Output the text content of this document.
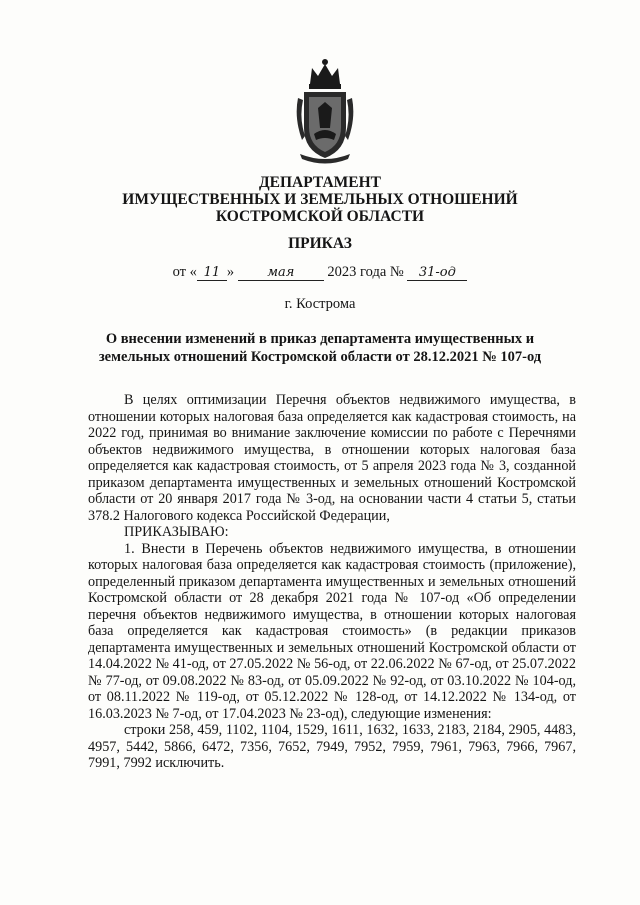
ДЕПАРТАМЕНТ
ИМУЩЕСТВЕННЫХ И ЗЕМЕЛЬНЫХ ОТНОШЕНИЙ
КОСТРОМСКОЙ ОБЛАСТИ
ПРИКАЗ
от « 11 »	мая 2023 года № 31-од
г. Кострома
О внесении изменений в приказ департамента имущественных и
земельных отношений Костромской области от 28.12.2021 № 107-од

В целях оптимизации Перечня объектов недвижимого имущества, в отношении которых налоговая база определяется как кадастровая стоимость, на 2022 год, принимая во внимание заключение комиссии по работе с Перечнями объектов недвижимого имущества, в отношении которых налоговая база определяется как кадастровая стоимость, от 5 апреля 2023 года № 3, созданной приказом департамента имущественных и земельных отношений Костромской области от 20 января 2017 года № 3-од, на основании части 4 статьи 5, статьи 378.2 Налогового кодекса Российской Федерации,

ПРИКАЗЫВАЮ:

1. Внести в Перечень объектов недвижимого имущества, в отношении которых налоговая база определяется как кадастровая стоимость (приложение), определенный приказом департамента имущественных и земельных отношений Костромской области от 28 декабря 2021 года № 107-од «Об определении перечня объектов недвижимого имущества, в отношении которых налоговая база определяется как кадастровая стоимость» (в редакции приказов департамента имущественных и земельных отношений Костромской области от 14.04.2022 № 41-од, от 27.05.2022 № 56-од, от 22.06.2022 № 67-од, от 25.07.2022 № 77-од, от 09.08.2022 № 83-од, от 05.09.2022 № 92-од, от 03.10.2022 № 104-од, от 08.11.2022 № 119-од, от 05.12.2022 № 128-од, от 14.12.2022 № 134-од, от 16.03.2023 № 7-од, от 17.04.2023 № 23-од), следующие изменения:

строки 258, 459, 1102, 1104, 1529, 1611, 1632, 1633, 2183, 2184, 2905, 4483, 4957, 5442, 5866, 6472, 7356, 7652, 7949, 7952, 7959, 7961, 7963, 7966, 7967, 7991, 7992 исключить.
